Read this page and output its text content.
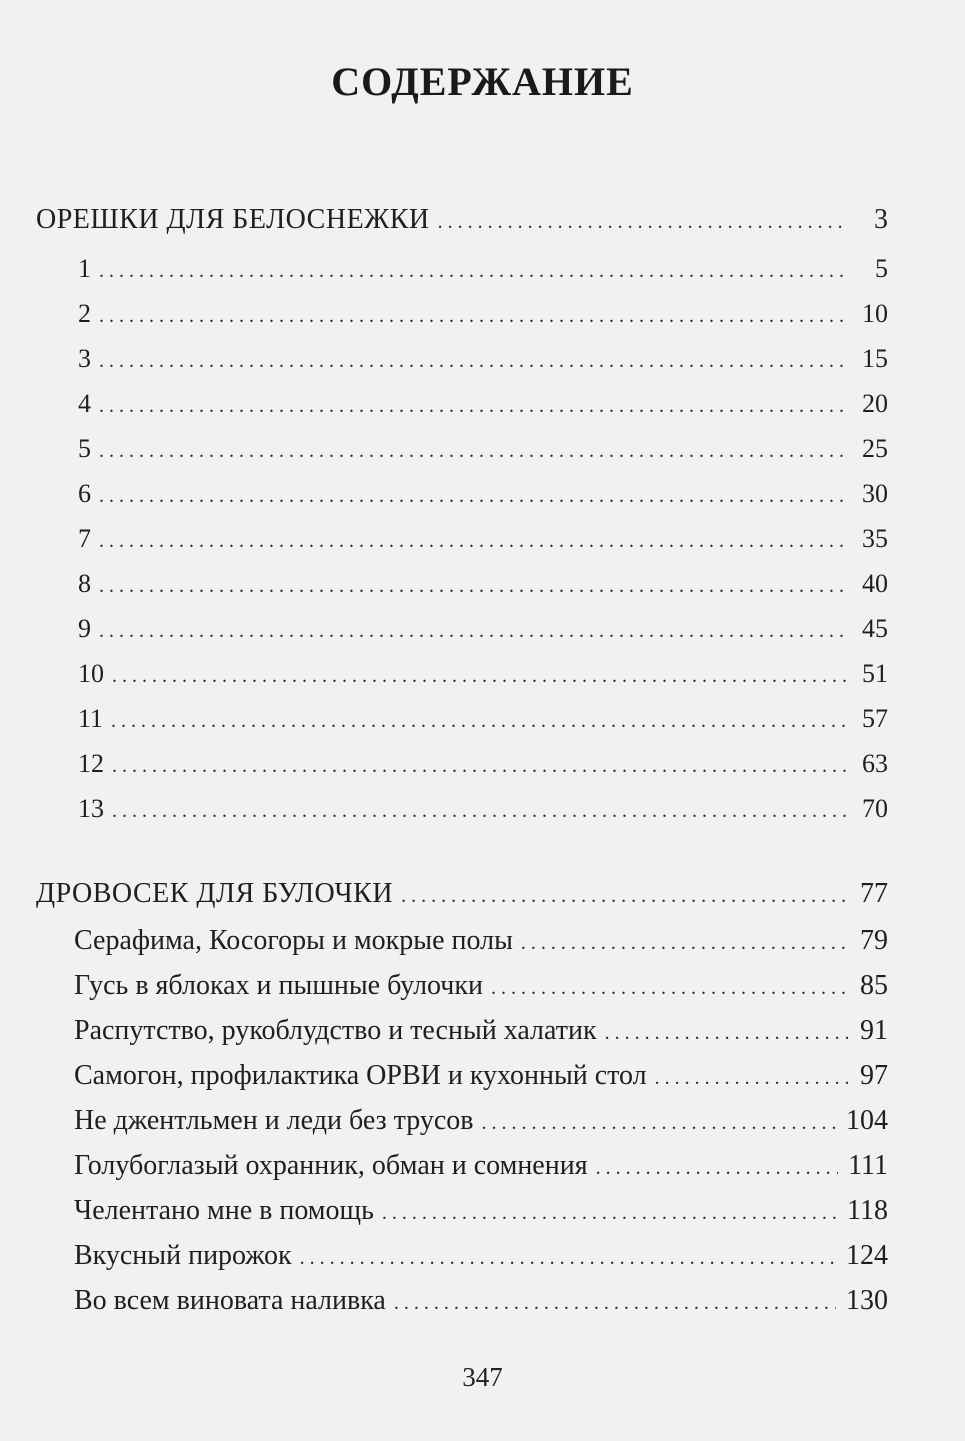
СОДЕРЖАНИЕ
ОРЕШКИ ДЛЯ БЕЛОСНЕЖКИ . . .	3
1 . . .	5
2 . . .	10
3 . . .	15
4 . . .	20
5 . . .	25
6 . . .	30
7 . . .	35
8 . . .	40
9 . . .	45
10 . . .	51
11 . . .	57
12 . . .	63
13 . . .	70
ДРОВОСЕК ДЛЯ БУЛОЧКИ . . .	77
Серафима, Косогоры и мокрые полы . . .	79
Гусь в яблоках и пышные булочки . . .	85
Распутство, рукоблудство и тесный халатик . . .	91
Самогон, профилактика ОРВИ и кухонный стол . . .	97
Не джентльмен и леди без трусов . . .	104
Голубоглазый охранник, обман и сомнения . . .	111
Челентано мне в помощь . . .	118
Вкусный пирожок . . .	124
Во всем виновата наливка . . .	130
347
